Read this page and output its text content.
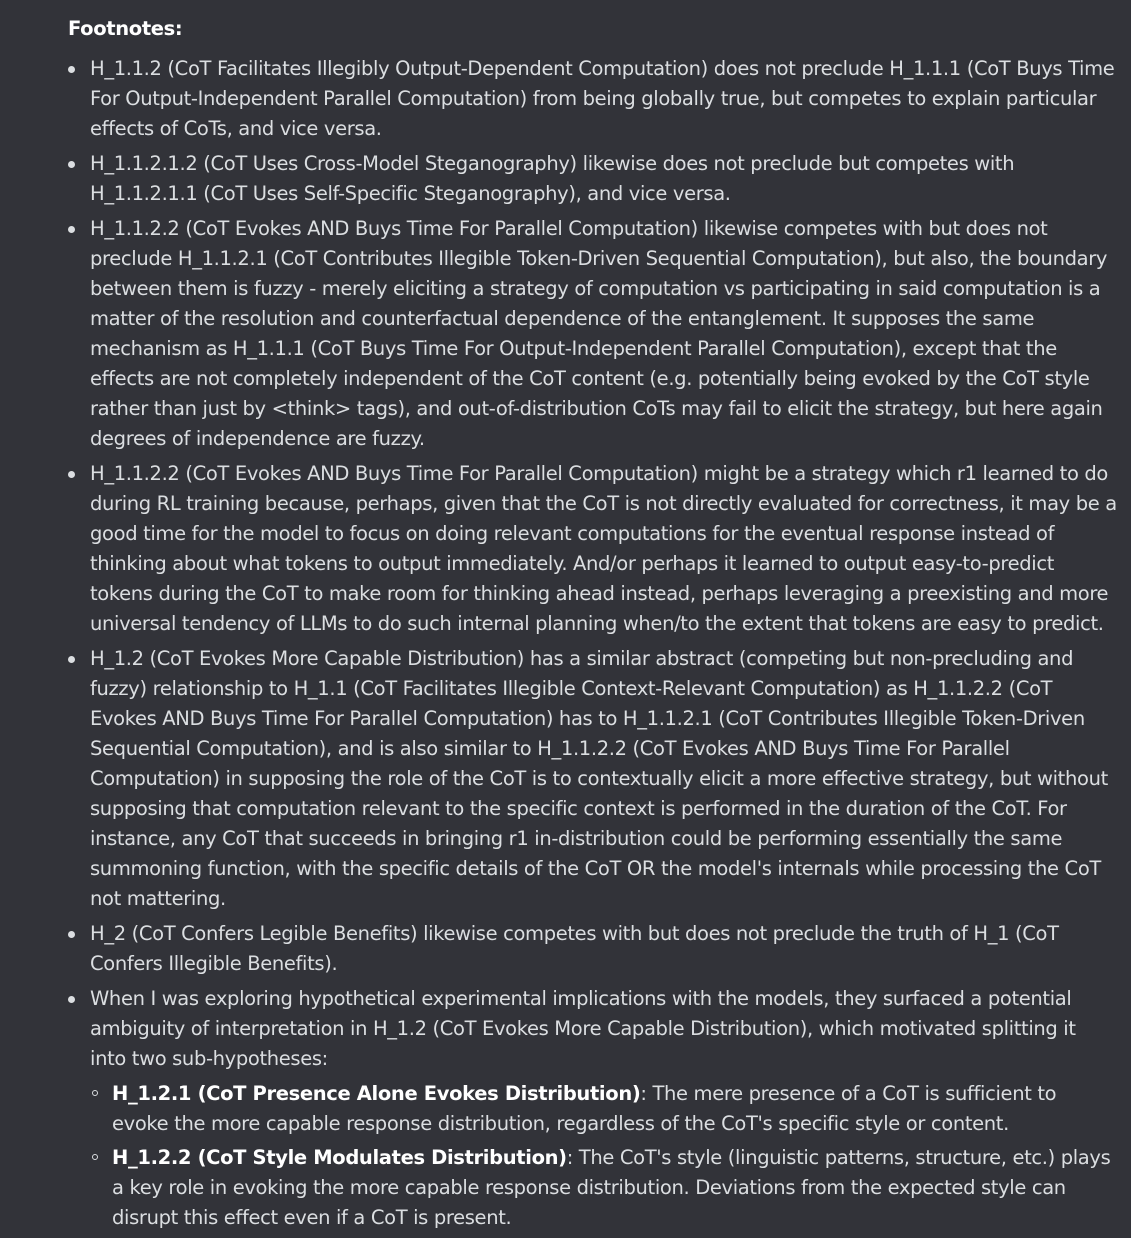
Footnotes:

H_1.1.2 (CoT Facilitates Illegibly Output-Dependent Computation) does not preclude H_1.1.1 (CoT Buys Time For Output-Independent Parallel Computation) from being globally true, but competes to explain particular effects of CoTs, and vice versa.
H_1.1.2.1.2 (CoT Uses Cross-Model Steganography) likewise does not preclude but competes with H_1.1.2.1.1 (CoT Uses Self-Specific Steganography), and vice versa.
H_1.1.2.2 (CoT Evokes AND Buys Time For Parallel Computation) likewise competes with but does not preclude H_1.1.2.1 (CoT Contributes Illegible Token-Driven Sequential Computation), but also, the boundary between them is fuzzy - merely eliciting a strategy of computation vs participating in said computation is a matter of the resolution and counterfactual dependence of the entanglement. It supposes the same mechanism as H_1.1.1 (CoT Buys Time For Output-Independent Parallel Computation), except that the effects are not completely independent of the CoT content (e.g. potentially being evoked by the CoT style rather than just by <think> tags), and out-of-distribution CoTs may fail to elicit the strategy, but here again degrees of independence are fuzzy.
H_1.1.2.2 (CoT Evokes AND Buys Time For Parallel Computation) might be a strategy which r1 learned to do during RL training because, perhaps, given that the CoT is not directly evaluated for correctness, it may be a good time for the model to focus on doing relevant computations for the eventual response instead of thinking about what tokens to output immediately. And/or perhaps it learned to output easy-to-predict tokens during the CoT to make room for thinking ahead instead, perhaps leveraging a preexisting and more universal tendency of LLMs to do such internal planning when/to the extent that tokens are easy to predict.
H_1.2 (CoT Evokes More Capable Distribution) has a similar abstract (competing but non-precluding and fuzzy) relationship to H_1.1 (CoT Facilitates Illegible Context-Relevant Computation) as H_1.1.2.2 (CoT Evokes AND Buys Time For Parallel Computation) has to H_1.1.2.1 (CoT Contributes Illegible Token-Driven Sequential Computation), and is also similar to H_1.1.2.2 (CoT Evokes AND Buys Time For Parallel Computation) in supposing the role of the CoT is to contextually elicit a more effective strategy, but without supposing that computation relevant to the specific context is performed in the duration of the CoT. For instance, any CoT that succeeds in bringing r1 in-distribution could be performing essentially the same summoning function, with the specific details of the CoT OR the model's internals while processing the CoT not mattering.
H_2 (CoT Confers Legible Benefits) likewise competes with but does not preclude the truth of H_1 (CoT Confers Illegible Benefits).
When I was exploring hypothetical experimental implications with the models, they surfaced a potential ambiguity of interpretation in H_1.2 (CoT Evokes More Capable Distribution), which motivated splitting it into two sub-hypotheses:
H_1.2.1 (CoT Presence Alone Evokes Distribution): The mere presence of a CoT is sufficient to evoke the more capable response distribution, regardless of the CoT's specific style or content.
H_1.2.2 (CoT Style Modulates Distribution): The CoT's style (linguistic patterns, structure, etc.) plays a key role in evoking the more capable response distribution. Deviations from the expected style can disrupt this effect even if a CoT is present.
